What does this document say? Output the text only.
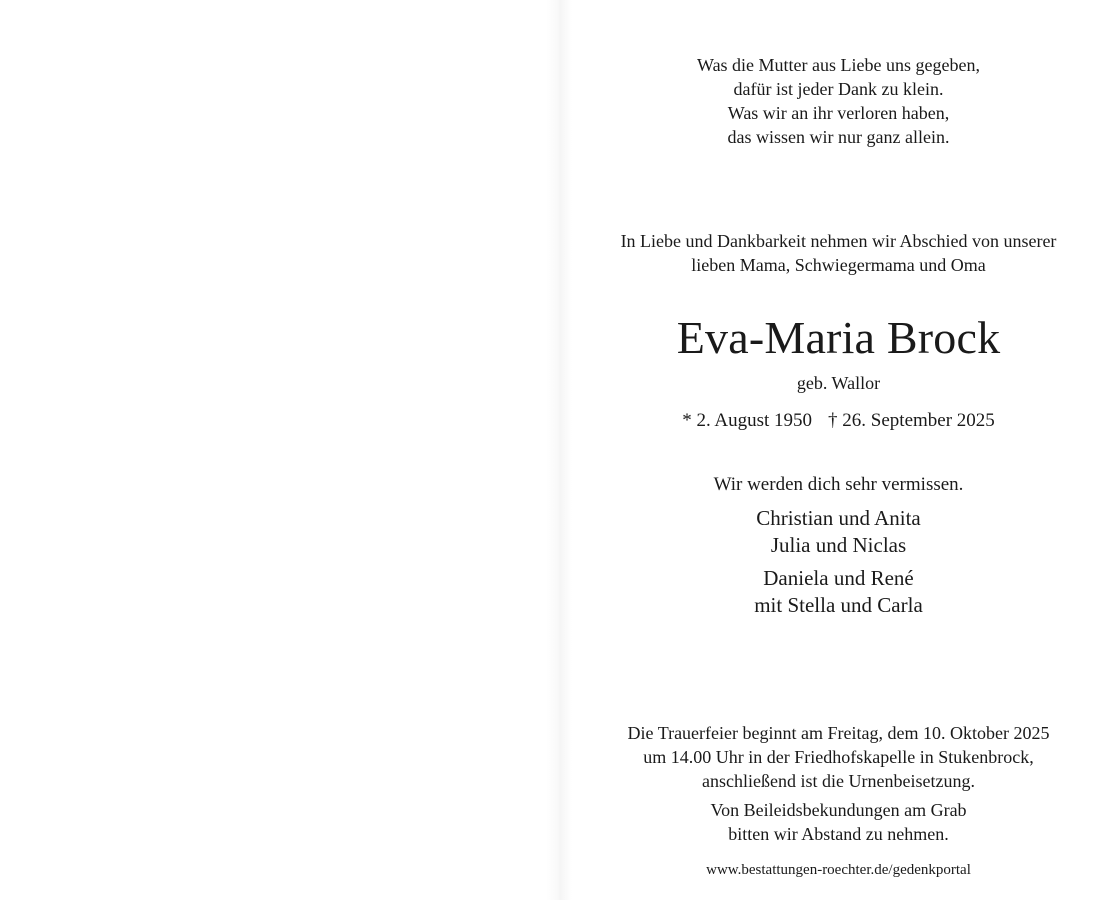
Was die Mutter aus Liebe uns gegeben,
dafür ist jeder Dank zu klein.
Was wir an ihr verloren haben,
das wissen wir nur ganz allein.
In Liebe und Dankbarkeit nehmen wir Abschied von unserer
lieben Mama, Schwiegermama und Oma
Eva-Maria Brock
geb. Wallor
* 2. August 1950 † 26. September 2025
Wir werden dich sehr vermissen.
Christian und Anita
Julia und Niclas
Daniela und René
mit Stella und Carla
Die Trauerfeier beginnt am Freitag, dem 10. Oktober 2025
um 14.00 Uhr in der Friedhofskapelle in Stukenbrock,
anschließend ist die Urnenbeisetzung.
Von Beileidsbekundungen am Grab
bitten wir Abstand zu nehmen.
www.bestattungen-roechter.de/gedenkportal
